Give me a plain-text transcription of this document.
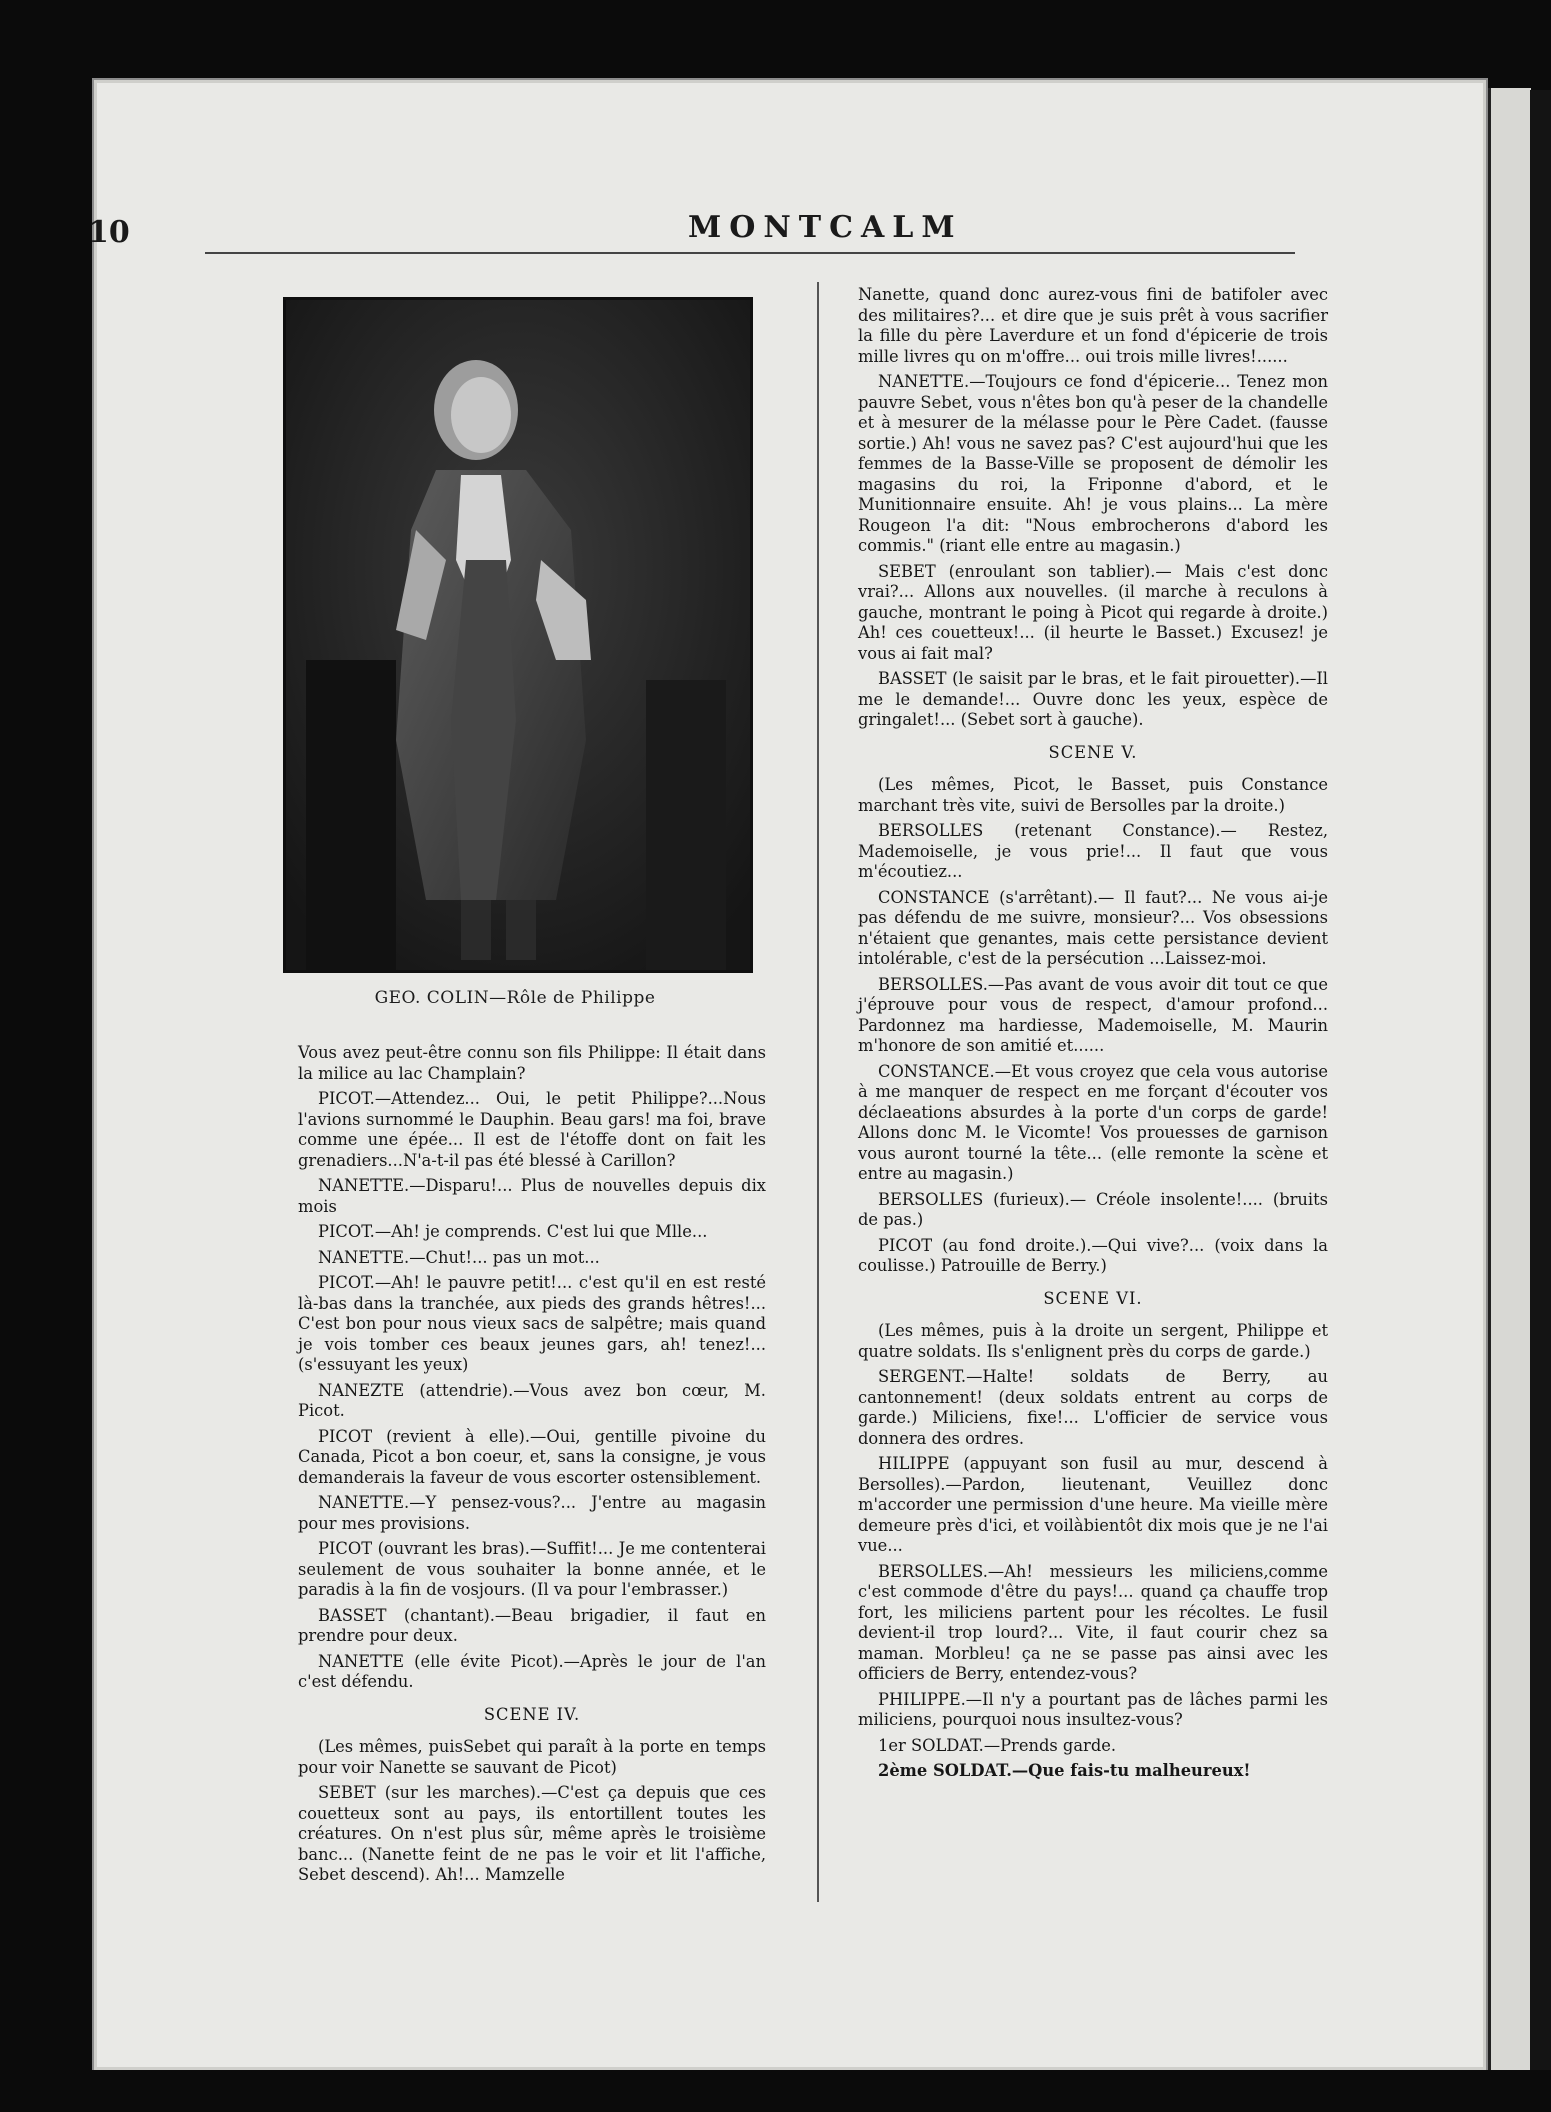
10	MONTCALM
GEO. COLIN—Rôle de Philippe

Vous avez peut-être connu son fils Philippe: Il était dans la milice au lac Champlain?

PICOT.—Attendez... Oui, le petit Philippe?...Nous l'avions surnommé le Dauphin. Beau gars! ma foi, brave comme une épée... Il est de l'étoffe dont on fait les grenadiers...N'a-t-il pas été blessé à Carillon?

NANETTE.—Disparu!... Plus de nouvelles depuis dix mois

PICOT.—Ah! je comprends. C'est lui que Mlle...

NANETTE.—Chut!... pas un mot...

PICOT.—Ah! le pauvre petit!... c'est qu'il en est resté là-bas dans la tranchée, aux pieds des grands hêtres!... C'est bon pour nous vieux sacs de salpêtre; mais quand je vois tomber ces beaux jeunes gars, ah! tenez!... (s'essuyant les yeux)

NANEZTE (attendrie).—Vous avez bon cœur, M. Picot.

PICOT (revient à elle).—Oui, gentille pivoine du Canada, Picot a bon coeur, et, sans la consigne, je vous demanderais la faveur de vous escorter ostensiblement.

NANETTE.—Y pensez-vous?... J'entre au magasin pour mes provisions.

PICOT (ouvrant les bras).—Suffit!... Je me contenterai seulement de vous souhaiter la bonne année, et le paradis à la fin de vosjours. (Il va pour l'embrasser.)

BASSET (chantant).—Beau brigadier, il faut en prendre pour deux.

NANETTE (elle évite Picot).—Après le jour de l'an c'est défendu.

SCENE IV.

(Les mêmes, puisSebet qui paraît à la porte en temps pour voir Nanette se sauvant de Picot)

SEBET (sur les marches).—C'est ça depuis que ces couetteux sont au pays, ils entortillent toutes les créatures. On n'est plus sûr, même après le troisième banc... (Nanette feint de ne pas le voir et lit l'affiche, Sebet descend). Ah!... Mamzelle

Nanette, quand donc aurez-vous fini de batifoler avec des militaires?... et dire que je suis prêt à vous sacrifier la fille du père Laverdure et un fond d'épicerie de trois mille livres qu on m'offre... oui trois mille livres!......

NANETTE.—Toujours ce fond d'épicerie... Tenez mon pauvre Sebet, vous n'êtes bon qu'à peser de la chandelle et à mesurer de la mélasse pour le Père Cadet. (fausse sortie.) Ah! vous ne savez pas? C'est aujourd'hui que les femmes de la Basse-Ville se proposent de démolir les magasins du roi, la Friponne d'abord, et le Munitionnaire ensuite. Ah! je vous plains... La mère Rougeon l'a dit: "Nous embrocherons d'abord les commis." (riant elle entre au magasin.)

SEBET (enroulant son tablier).— Mais c'est donc vrai?... Allons aux nouvelles. (il marche à reculons à gauche, montrant le poing à Picot qui regarde à droite.) Ah! ces couetteux!... (il heurte le Basset.) Excusez! je vous ai fait mal?

BASSET (le saisit par le bras, et le fait pirouetter).—Il me le demande!... Ouvre donc les yeux, espèce de gringalet!... (Sebet sort à gauche).

SCENE V.

(Les mêmes, Picot, le Basset, puis Constance marchant très vite, suivi de Bersolles par la droite.)

BERSOLLES (retenant Constance).— Restez, Mademoiselle, je vous prie!... Il faut que vous m'écoutiez...

CONSTANCE (s'arrêtant).— Il faut?... Ne vous ai-je pas défendu de me suivre, monsieur?... Vos obsessions n'étaient que genantes, mais cette persistance devient intolérable, c'est de la persécution ...Laissez-moi.

BERSOLLES.—Pas avant de vous avoir dit tout ce que j'éprouve pour vous de respect, d'amour profond... Pardonnez ma hardiesse, Mademoiselle, M. Maurin m'honore de son amitié et......

CONSTANCE.—Et vous croyez que cela vous autorise à me manquer de respect en me forçant d'écouter vos déclaeations absurdes à la porte d'un corps de garde! Allons donc M. le Vicomte! Vos prouesses de garnison vous auront tourné la tête... (elle remonte la scène et entre au magasin.)

BERSOLLES (furieux).— Créole insolente!.... (bruits de pas.)

PICOT (au fond droite.).—Qui vive?... (voix dans la coulisse.) Patrouille de Berry.)

SCENE VI.

(Les mêmes, puis à la droite un sergent, Philippe et quatre soldats. Ils s'enlignent près du corps de garde.)

SERGENT.—Halte! soldats de Berry, au cantonnement! (deux soldats entrent au corps de garde.) Miliciens, fixe!... L'officier de service vous donnera des ordres.

HILIPPE (appuyant son fusil au mur, descend à Bersolles).—Pardon, lieutenant, Veuillez donc m'accorder une permission d'une heure. Ma vieille mère demeure près d'ici, et voilàbientôt dix mois que je ne l'ai vue...

BERSOLLES.—Ah! messieurs les miliciens,comme c'est commode d'être du pays!... quand ça chauffe trop fort, les miliciens partent pour les récoltes. Le fusil devient-il trop lourd?... Vite, il faut courir chez sa maman. Morbleu! ça ne se passe pas ainsi avec les officiers de Berry, entendez-vous?

PHILIPPE.—Il n'y a pourtant pas de lâches parmi les miliciens, pourquoi nous insultez-vous?

1er SOLDAT.—Prends garde.

2ème SOLDAT.—Que fais-tu malheureux!
